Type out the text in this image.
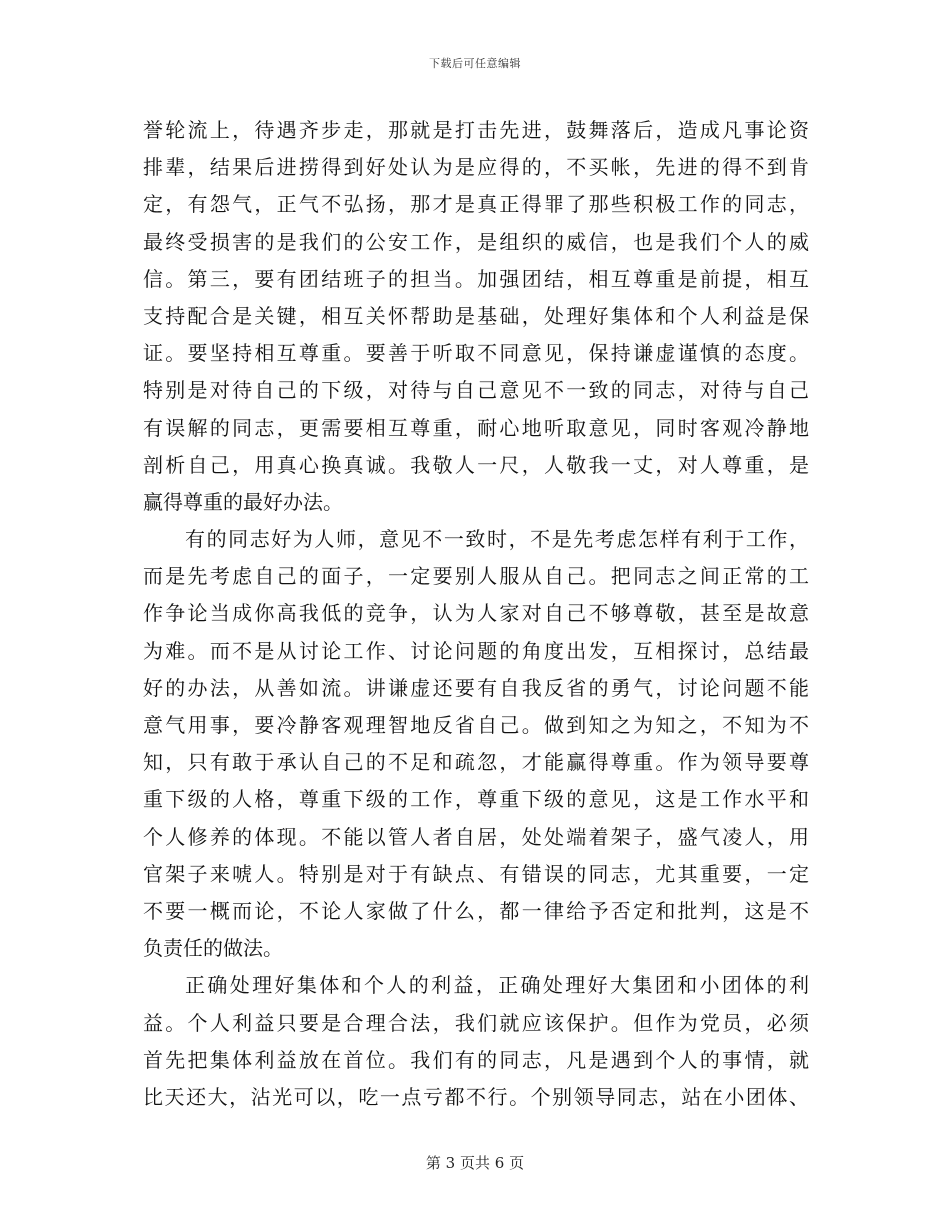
下载后可任意编辑
誉轮流上，待遇齐步走，那就是打击先进，鼓舞落后，造成凡事论资
排辈，结果后进捞得到好处认为是应得的，不买帐，先进的得不到肯
定，有怨气，正气不弘扬，那才是真正得罪了那些积极工作的同志，
最终受损害的是我们的公安工作，是组织的威信，也是我们个人的威
信。第三，要有团结班子的担当。加强团结，相互尊重是前提，相互
支持配合是关键，相互关怀帮助是基础，处理好集体和个人利益是保
证。要坚持相互尊重。要善于听取不同意见，保持谦虚谨慎的态度。
特别是对待自己的下级，对待与自己意见不一致的同志，对待与自己
有误解的同志，更需要相互尊重，耐心地听取意见，同时客观冷静地
剖析自己，用真心换真诚。我敬人一尺，人敬我一丈，对人尊重，是
赢得尊重的最好办法。
有的同志好为人师，意见不一致时，不是先考虑怎样有利于工作，
而是先考虑自己的面子，一定要别人服从自己。把同志之间正常的工
作争论当成你高我低的竞争，认为人家对自己不够尊敬，甚至是故意
为难。而不是从讨论工作、讨论问题的角度出发，互相探讨，总结最
好的办法，从善如流。讲谦虚还要有自我反省的勇气，讨论问题不能
意气用事，要冷静客观理智地反省自己。做到知之为知之，不知为不
知，只有敢于承认自己的不足和疏忽，才能赢得尊重。作为领导要尊
重下级的人格，尊重下级的工作，尊重下级的意见，这是工作水平和
个人修养的体现。不能以管人者自居，处处端着架子，盛气凌人，用
官架子来唬人。特别是对于有缺点、有错误的同志，尤其重要，一定
不要一概而论，不论人家做了什么，都一律给予否定和批判，这是不
负责任的做法。
正确处理好集体和个人的利益，正确处理好大集团和小团体的利
益。个人利益只要是合理合法，我们就应该保护。但作为党员，必须
首先把集体利益放在首位。我们有的同志，凡是遇到个人的事情，就
比天还大，沾光可以，吃一点亏都不行。个别领导同志，站在小团体、
第 3 页共 6 页
